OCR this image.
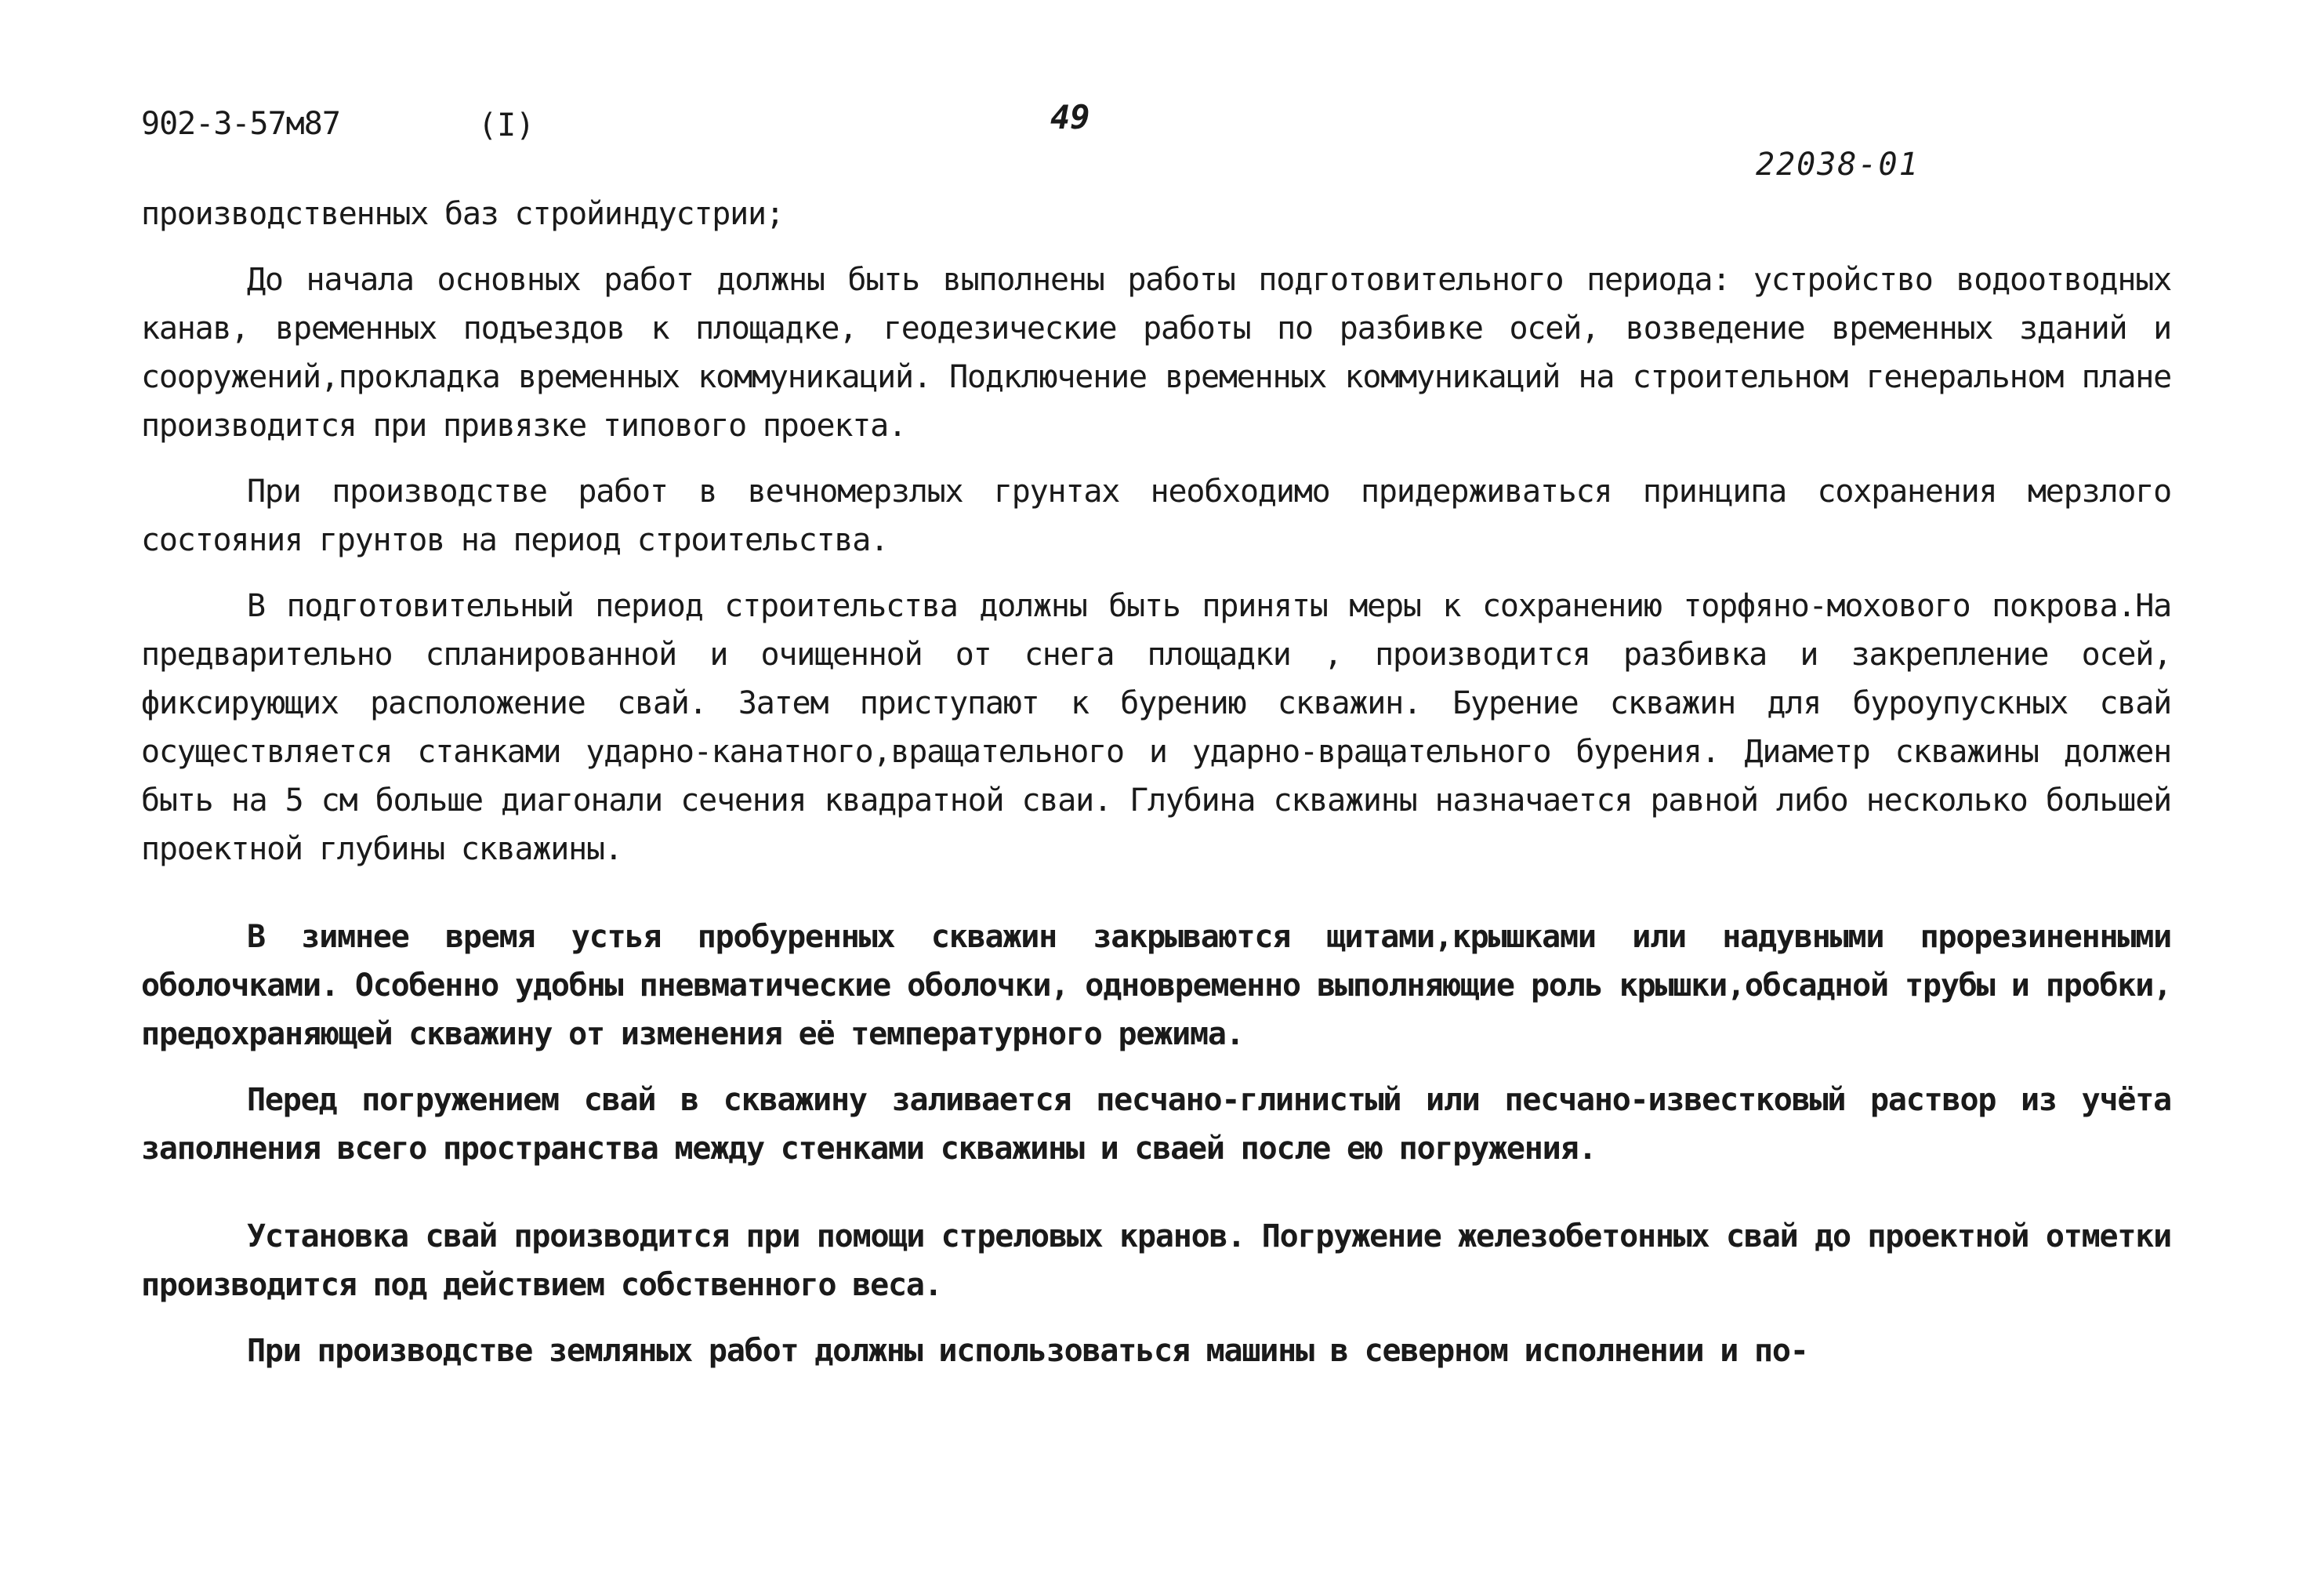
902-3-57м87	(I)	49
22038-01

производственных баз стройиндустрии;

До начала основных работ должны быть выполнены работы подготовительного периода: устройство водоотводных канав, временных подъездов к площадке, геодезические работы по разбивке осей, возведение временных зданий и сооружений,прокладка временных коммуникаций. Подключение временных коммуникаций на строительном генеральном плане производится при привязке типового проекта.

При производстве работ в вечномерзлых грунтах необходимо придерживаться принципа сохранения мерзлого состояния грунтов на период строительства.

В подготовительный период строительства должны быть приняты меры к сохранению торфяно-мохового покрова.На предварительно спланированной и очищенной от снега площадки , производится разбивка и закрепление осей, фиксирующих расположение свай. Затем приступают к бурению скважин. Бурение скважин для буроупускных свай осуществляется станками ударно-канатного,вращательного и ударно-вращательного бурения. Диаметр скважины должен быть на 5 см больше диагонали сечения квадратной сваи. Глубина скважины назначается равной либо несколько большей проектной глубины скважины.

В зимнее время устья пробуренных скважин закрываются щитами,крышками или надувными прорезиненными оболочками. Особенно удобны пневматические оболочки, одновременно выполняющие роль крышки,обсадной трубы и пробки, предохраняющей скважину от изменения её температурного режима.

Перед погружением свай в скважину заливается песчано-глинистый или песчано-известковый раствор из учёта заполнения всего пространства между стенками скважины и сваей после ею погружения.

Установка свай производится при помощи стреловых кранов. Погружение железобетонных свай до проектной отметки производится под действием собственного веса.

При производстве земляных работ должны использоваться машины в северном исполнении и по-
